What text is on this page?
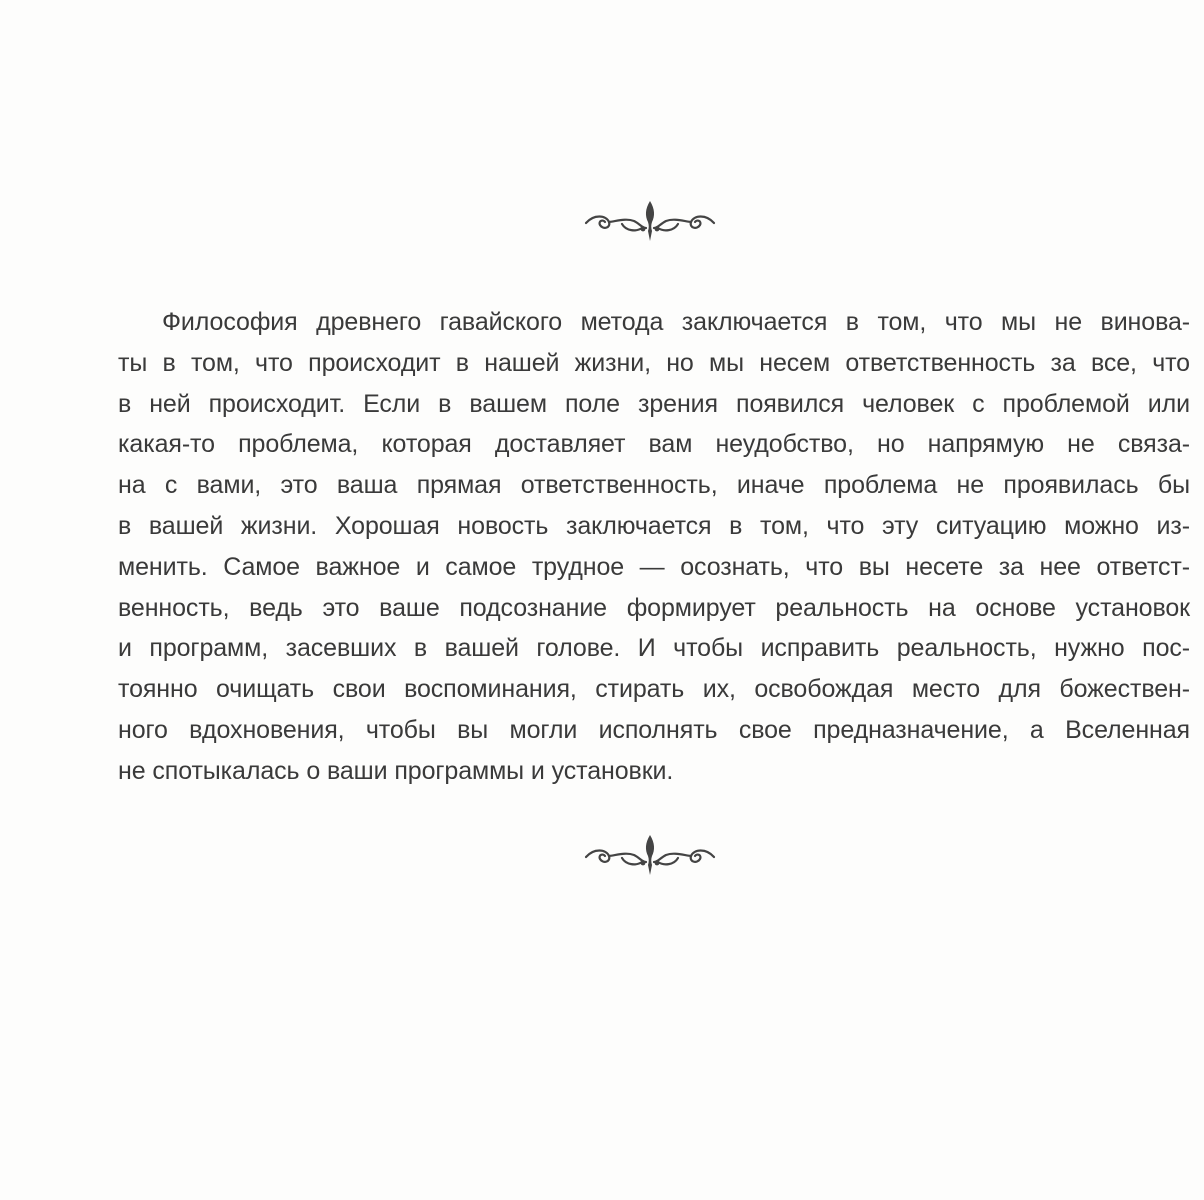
Философия древнего гавайского метода заключается в том, что мы не винова-
ты в том, что происходит в нашей жизни, но мы несем ответственность за все, что
в ней происходит. Если в вашем поле зрения появился человек с проблемой или
какая-то проблема, которая доставляет вам неудобство, но напрямую не связа-
на с вами, это ваша прямая ответственность, иначе проблема не проявилась бы
в вашей жизни. Хорошая новость заключается в том, что эту ситуацию можно из-
менить. Самое важное и самое трудное — осознать, что вы несете за нее ответст-
венность, ведь это ваше подсознание формирует реальность на основе установок
и программ, засевших в вашей голове. И чтобы исправить реальность, нужно пос-
тоянно очищать свои воспоминания, стирать их, освобождая место для божествен-
ного вдохновения, чтобы вы могли исполнять свое предназначение, а Вселенная
не спотыкалась о ваши программы и установки.
